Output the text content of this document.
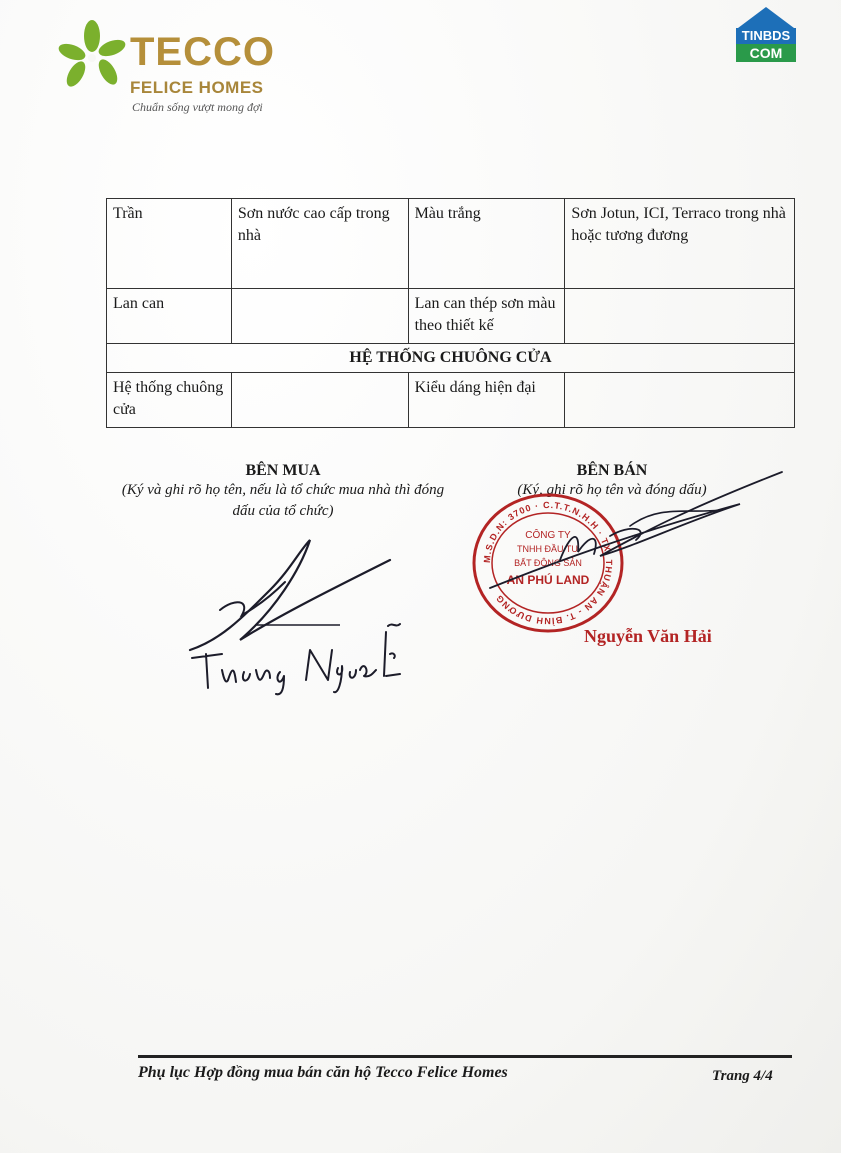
TECCO
FELICE HOMES
Chuẩn sống vượt mong đợi
TINBDS
COM
Trần	Sơn nước cao cấp trong nhà	Màu trắng	Sơn Jotun, ICI, Terraco trong nhà hoặc tương đương
Lan can		Lan can thép sơn màu theo thiết kế	
HỆ THỐNG CHUÔNG CỬA			
Hệ thống chuông cửa		Kiểu dáng hiện đại	
BÊN MUA
(Ký và ghi rõ họ tên, nếu là tổ chức mua nhà thì đóng dấu của tổ chức)
BÊN BÁN
(Ký, ghi rõ họ tên và đóng dấu)
M.S.D.N: 3700 · C.T.T.N.H.H · TX. THUẬN AN - T. BÌNH DƯƠNG
CÔNG TY
TNHH ĐẦU TƯ
BẤT ĐỘNG SẢN
AN PHÚ LAND
Nguyễn Văn Hải
Phụ lục Hợp đồng mua bán căn hộ Tecco Felice Homes	Trang 4/4
